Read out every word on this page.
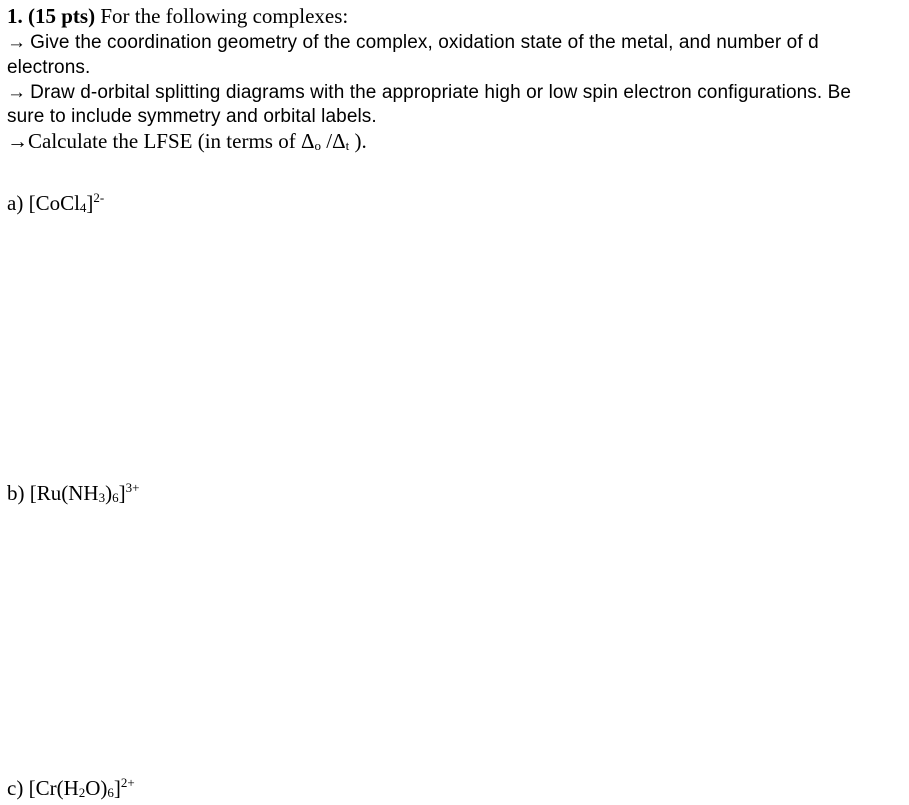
1. (15 pts) For the following complexes:
→ Give the coordination geometry of the complex, oxidation state of the metal, and number of d
electrons.
→ Draw d-orbital splitting diagrams with the appropriate high or low spin electron configurations. Be
sure to include symmetry and orbital labels.
→Calculate the LFSE (in terms of Δo /Δt ).
a) [CoCl4]$^{2-}$
b) $[Ru(NH3)6]^{3+}$
c) $[Cr(H2O)6]^{2+}$
